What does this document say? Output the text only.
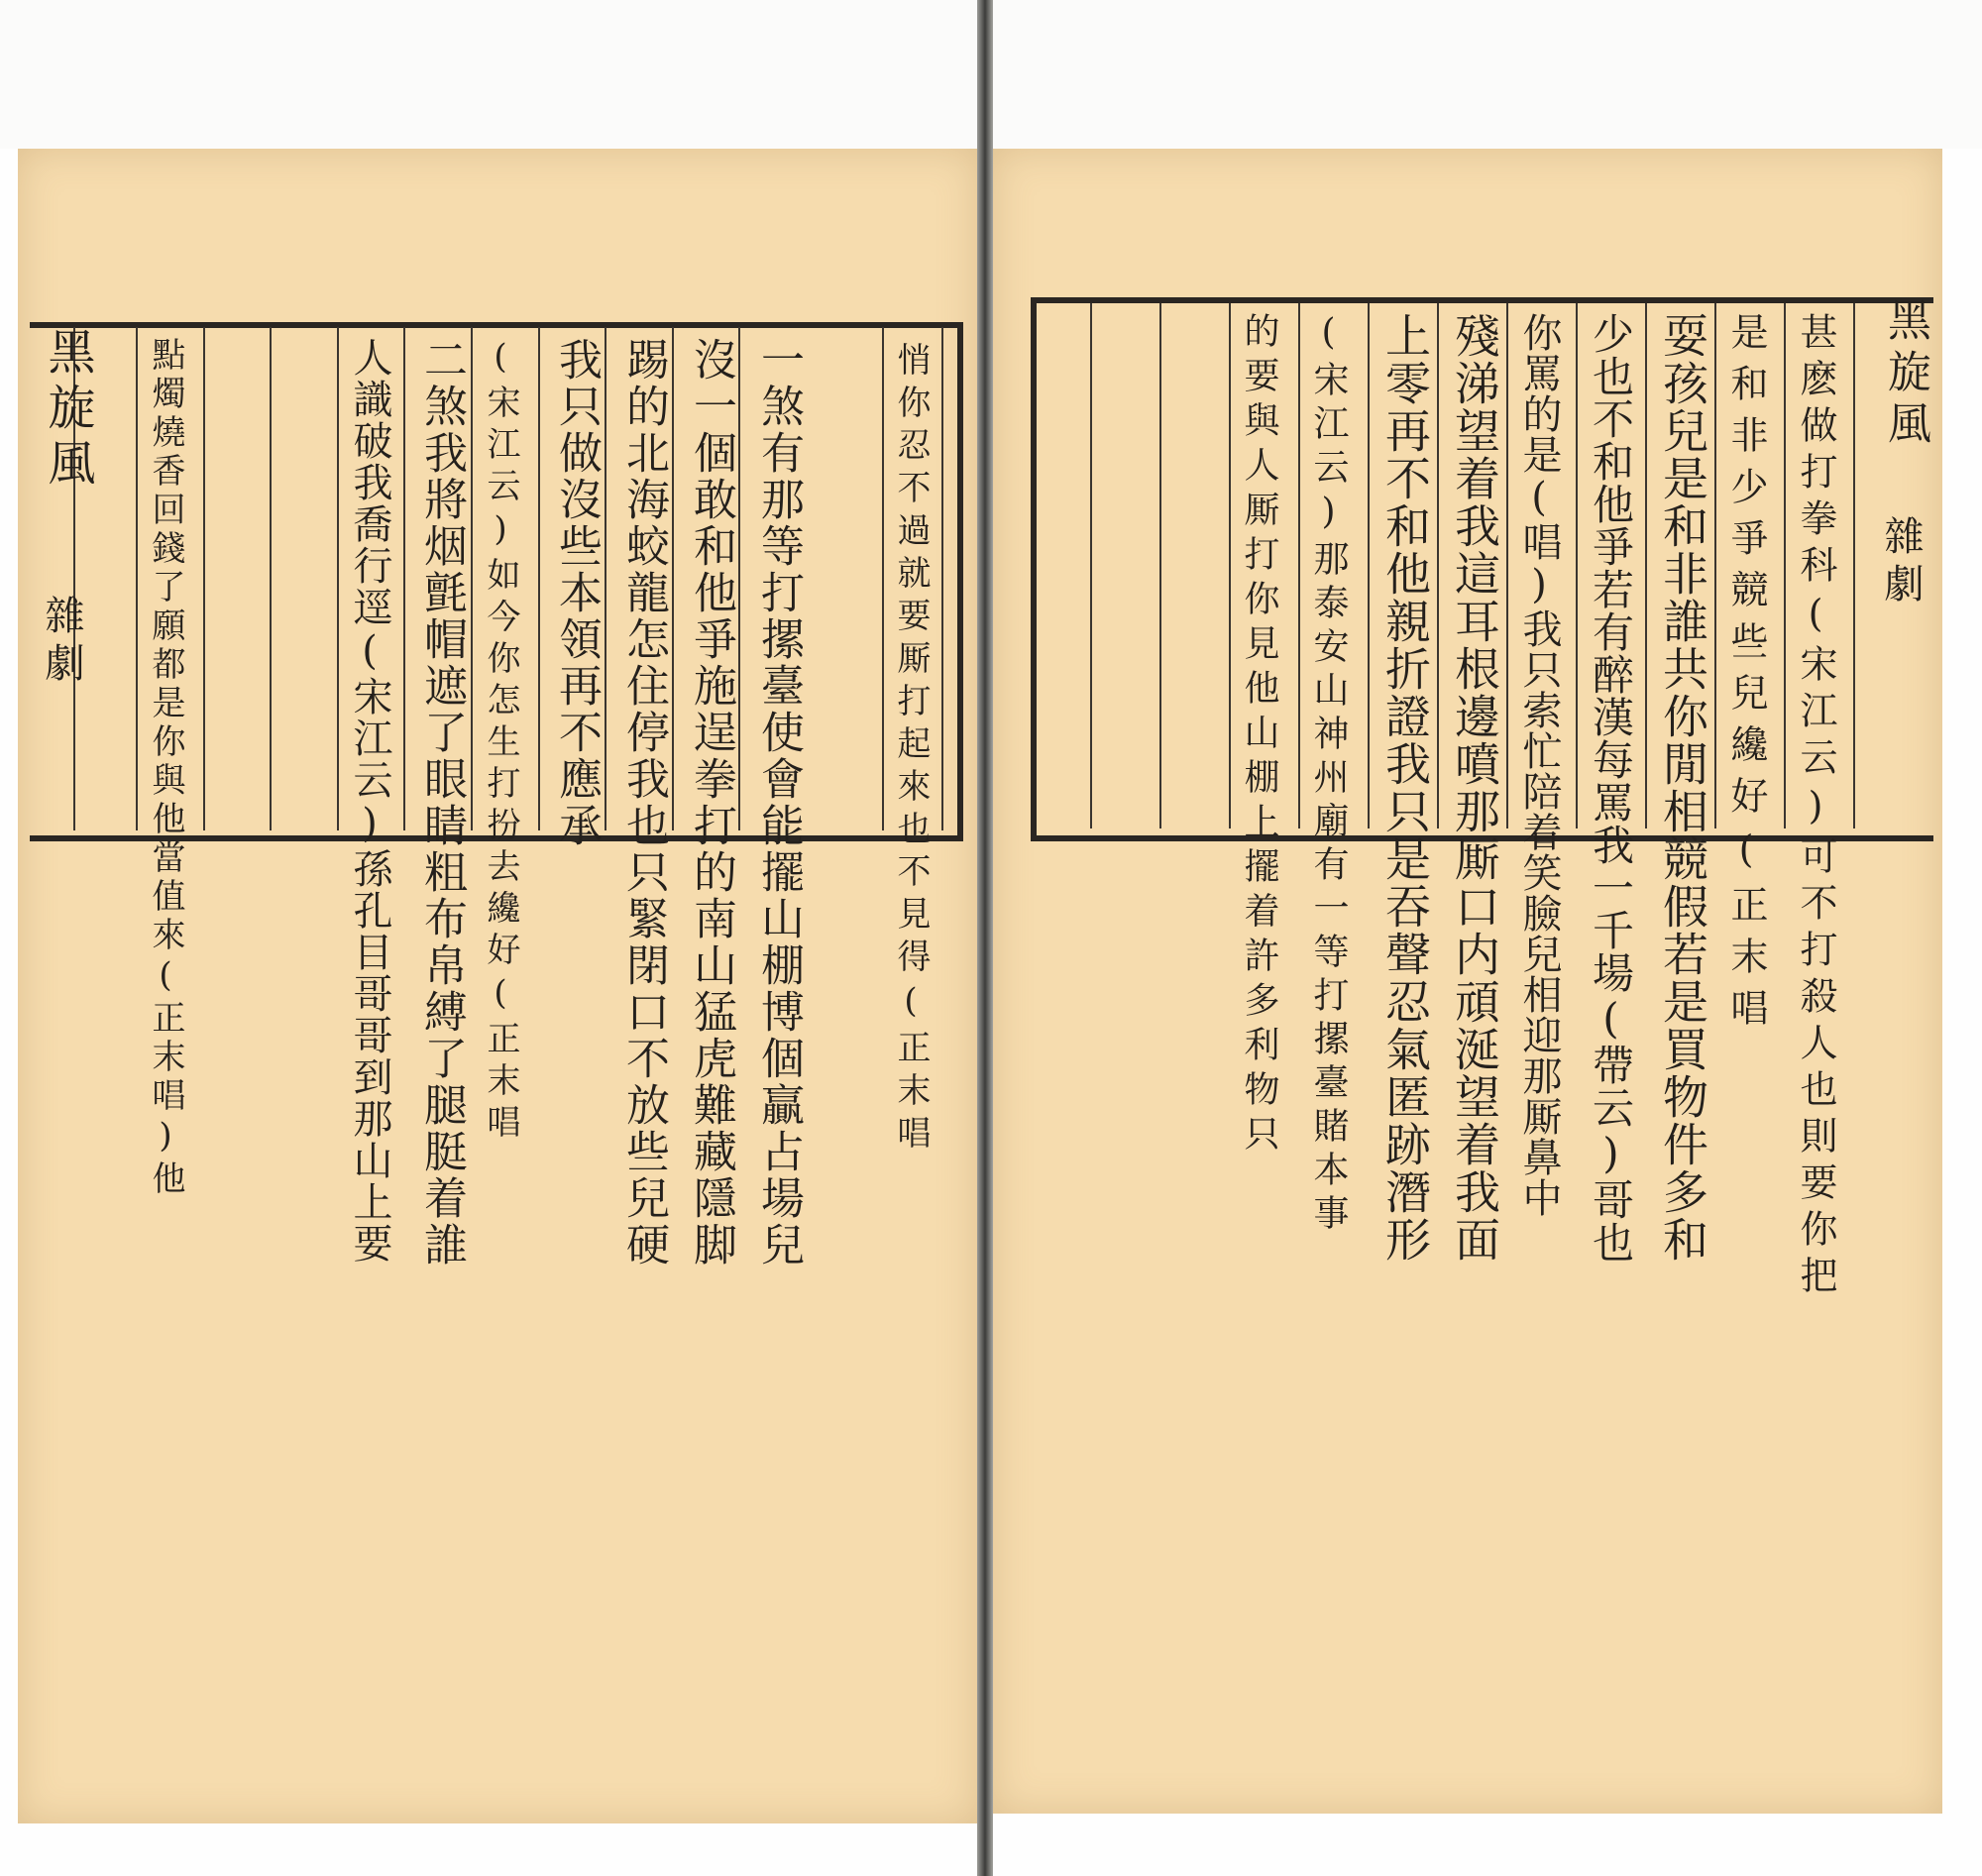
黑旋風
雜劇	悄你忍不過就要厮打起來也不見得(正末唱
一煞有那等打摞臺使會能擺山棚博個贏占場兒
沒一個敢和他爭施逞拳打的南山猛虎難藏隱脚
踢的北海蛟龍怎住停我也只緊閉口不放些兒硬
我只做沒些本領再不應承
(宋江云)如今你怎生打扮去纔好(正末唱
二煞我將烟氈帽遮了眼睛粗布帛縛了腿脡着誰
人識破我喬行逕(宋江云)孫孔目哥哥到那山上要
點燭燒香回錢了願都是你與他當值來(正末唱)他	黑旋風
雜劇
甚麽做打拳科(宋江云)可不打殺人也則要你把
是和非少爭競些兒纔好(正末唱
耍孩兒是和非誰共你閒相競假若是買物件多和
少也不和他爭若有醉漢每罵我一千場(帶云)哥也
你罵的是(唱)我只索忙陪着笑臉兒相迎那厮鼻中
殘涕望着我這耳根邊噴那厮口内頑涎望着我面
上零再不和他親折證我只是吞聲忍氣匿跡潛形
(宋江云)那泰安山神州廟有一等打摞臺賭本事
的要與人厮打你見他山棚上擺着許多利物只
